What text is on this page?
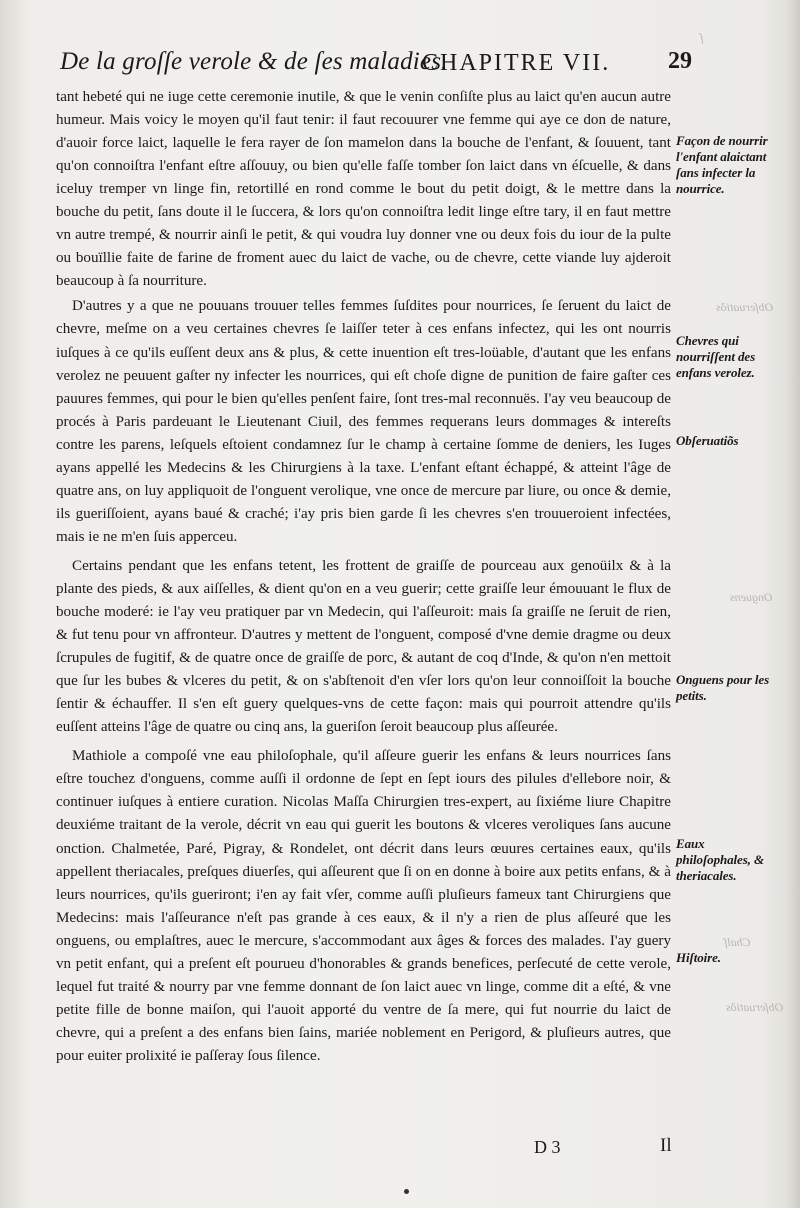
ſ
Obſeruatiõs
Onguens
Chalſ
Obſeruatiõs
De la groſſe verole & de ſes maladies.
CHAPITRE VII. 29

tant hebeté qui ne iuge cette ceremonie inutile, & que le venin conſiſte plus au laict qu'en aucun autre humeur. Mais voicy le moyen qu'il faut tenir: il faut recouurer vne femme qui aye ce don de nature, d'auoir force laict, laquelle le fera rayer de ſon mamelon dans la bouche de l'enfant, & ſouuent, tant qu'on connoiſtra l'enfant eſtre aſſouuy, ou bien qu'elle faſſe tomber ſon laict dans vn éſcuelle, & dans iceluy tremper vn linge fin, retortillé en rond comme le bout du petit doigt, & le mettre dans la bouche du petit, ſans doute il le ſuccera, & lors qu'on connoiſtra ledit linge eſtre tary, il en faut mettre vn autre trempé, & nourrir ainſi le petit, & qui voudra luy donner vne ou deux fois du iour de la pulte ou bouïllie faite de farine de froment auec du laict de vache, ou de chevre, cette viande luy ajderoit beaucoup à ſa nourriture.

D'autres y a que ne pouuans trouuer telles femmes ſuſdites pour nourrices, ſe ſeruent du laict de chevre, meſme on a veu certaines chevres ſe laiſſer teter à ces enfans infectez, qui les ont nourris iuſques à ce qu'ils euſſent deux ans & plus, & cette inuention eſt tres-loüable, d'autant que les enfans verolez ne peuuent gaſter ny infecter les nourrices, qui eſt choſe digne de punition de faire gaſter ces pauures femmes, qui pour le bien qu'elles penſent faire, ſont tres-mal reconnuës. I'ay veu beaucoup de procés à Paris pardeuant le Lieutenant Ciuil, des femmes requerans leurs dommages & intereſts contre les parens, leſquels eſtoient condamnez ſur le champ à certaine ſomme de deniers, les Iuges ayans appellé les Medecins & les Chirurgiens à la taxe. L'enfant eſtant échappé, & atteint l'âge de quatre ans, on luy appliquoit de l'onguent verolique, vne once de mercure par liure, ou once & demie, ils gueriſſoient, ayans baué & craché; i'ay pris bien garde ſi les chevres s'en trouueroient infectées, mais ie ne m'en ſuis apperceu.

Certains pendant que les enfans tetent, les frottent de graiſſe de pourceau aux genoüilx & à la plante des pieds, & aux aiſſelles, & dient qu'on en a veu guerir; cette graiſſe leur émouuant le flux de bouche moderé: ie l'ay veu pratiquer par vn Medecin, qui l'aſſeuroit: mais ſa graiſſe ne ſeruit de rien, & fut tenu pour vn affronteur. D'autres y mettent de l'onguent, composé d'vne demie dragme ou deux ſcrupules de fugitif, & de quatre once de graiſſe de porc, & autant de coq d'Inde, & qu'on n'en mettoit que ſur les bubes & vlceres du petit, & on s'abſtenoit d'en vſer lors qu'on leur connoiſſoit la bouche ſentir & échauffer. Il s'en eſt guery quelques-vns de cette façon: mais qui pourroit attendre qu'ils euſſent atteins l'âge de quatre ou cinq ans, la gueriſon ſeroit beaucoup plus aſſeurée.

Mathiole a compoſé vne eau philoſophale, qu'il aſſeure guerir les enfans & leurs nourrices ſans eſtre touchez d'onguens, comme auſſi il ordonne de ſept en ſept iours des pilules d'ellebore noir, & continuer iuſques à entiere curation. Nicolas Maſſa Chirurgien tres-expert, au ſixiéme liure Chapitre deuxiéme traitant de la verole, décrit vn eau qui guerit les boutons & vlceres veroliques ſans aucune onction. Chalmetée, Paré, Pigray, & Rondelet, ont décrit dans leurs œuures certaines eaux, qu'ils appellent theriacales, preſques diuerſes, qui aſſeurent que ſi on en donne à boire aux petits enfans, & à leurs nourrices, qu'ils gueriront; i'en ay fait vſer, comme auſſi pluſieurs fameux tant Chirurgiens que Medecins: mais l'aſſeurance n'eſt pas grande à ces eaux, & il n'y a rien de plus aſſeuré que les onguens, ou emplaſtres, auec le mercure, s'accommodant aux âges & forces des malades. I'ay guery vn petit enfant, qui a preſent eſt pourueu d'honorables & grands benefices, perſecuté de cette verole, lequel fut traité & nourry par vne femme donnant de ſon laict auec vn linge, comme dit a eſté, & vne petite fille de bonne maiſon, qui l'auoit apporté du ventre de ſa mere, qui fut nourrie du laict de chevre, qui a preſent a des enfans bien ſains, mariée noblement en Perigord, & pluſieurs autres, que pour euiter prolixité ie paſſeray ſous ſilence.

Façon de nourrir l'enfant alaictant ſans infecter la nourrice.
Chevres qui nourriſſent des enfans verolez.
Obſeruatiõs
Onguens pour les petits.
Eaux philoſophales, & theriacales.
Hiſtoire.
D 3	Il
